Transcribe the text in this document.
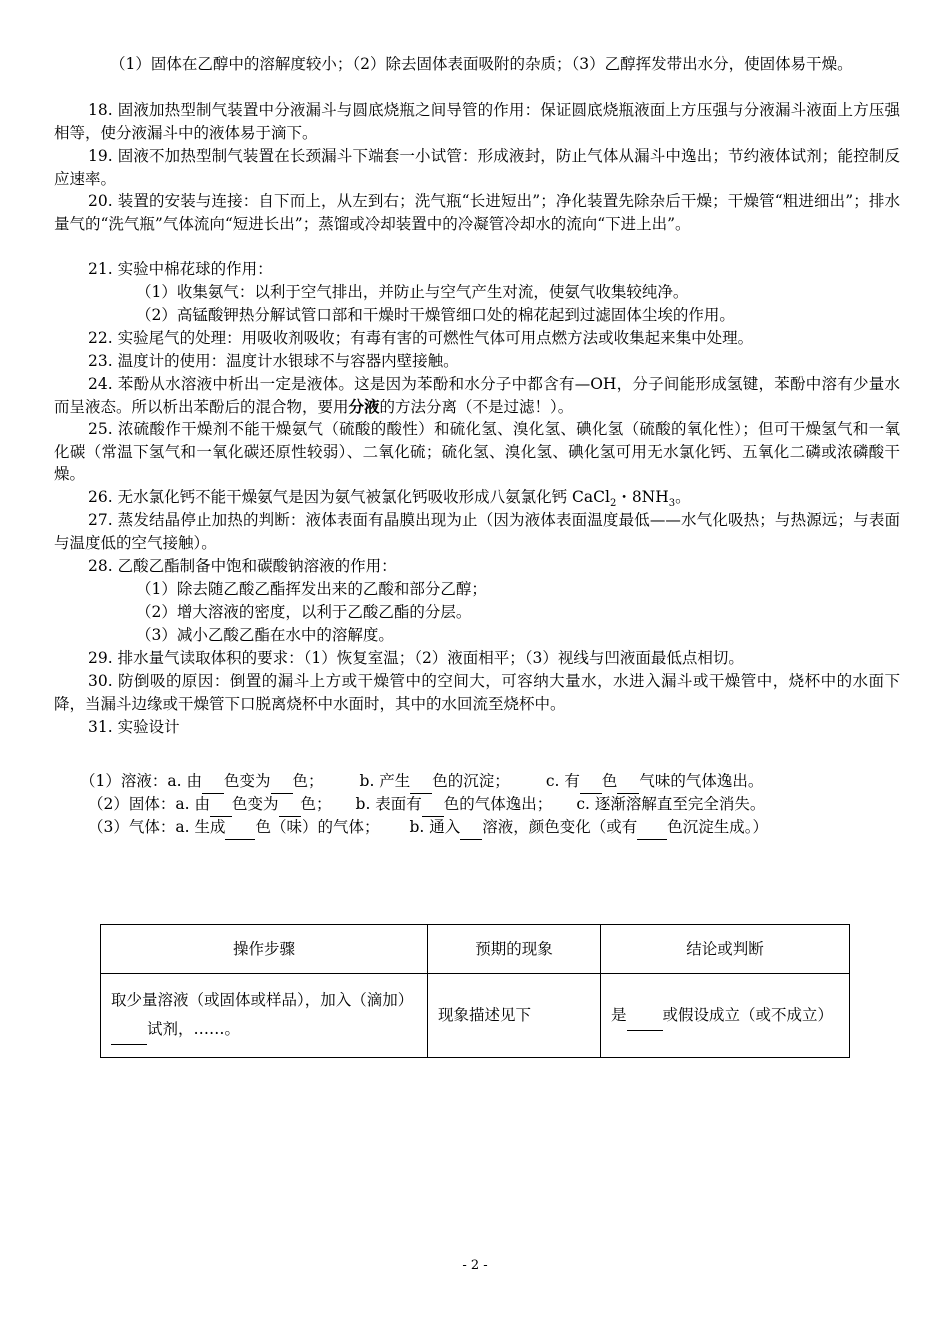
（1）固体在乙醇中的溶解度较小；（2）除去固体表面吸附的杂质；（3）乙醇挥发带出水分，使固体易干燥。
18. 固液加热型制气装置中分液漏斗与圆底烧瓶之间导管的作用：保证圆底烧瓶液面上方压强与分液漏斗液面上方压强相等，使分液漏斗中的液体易于滴下。
19. 固液不加热型制气装置在长颈漏斗下端套一小试管：形成液封，防止气体从漏斗中逸出；节约液体试剂；能控制反应速率。
20. 装置的安装与连接：自下而上，从左到右；洗气瓶“长进短出”；净化装置先除杂后干燥；干燥管“粗进细出”；排水量气的“洗气瓶”气体流向“短进长出”；蒸馏或冷却装置中的冷凝管冷却水的流向“下进上出”。
21. 实验中棉花球的作用：
（1）收集氨气：以利于空气排出，并防止与空气产生对流，使氨气收集较纯净。
（2）高锰酸钾热分解试管口部和干燥时干燥管细口处的棉花起到过滤固体尘埃的作用。
22. 实验尾气的处理：用吸收剂吸收；有毒有害的可燃性气体可用点燃方法或收集起来集中处理。
23. 温度计的使用：温度计水银球不与容器内壁接触。
24. 苯酚从水溶液中析出一定是液体。这是因为苯酚和水分子中都含有—OH，分子间能形成氢键，苯酚中溶有少量水而呈液态。所以析出苯酚后的混合物，要用分液的方法分离（不是过滤！）。
25. 浓硫酸作干燥剂不能干燥氨气（硫酸的酸性）和硫化氢、溴化氢、碘化氢（硫酸的氧化性）；但可干燥氢气和一氧化碳（常温下氢气和一氧化碳还原性较弱）、二氧化硫；硫化氢、溴化氢、碘化氢可用无水氯化钙、五氧化二磷或浓磷酸干燥。
26. 无水氯化钙不能干燥氨气是因为氨气被氯化钙吸收形成八氨氯化钙 CaCl$_2$・$8NH_3$。
27. 蒸发结晶停止加热的判断：液体表面有晶膜出现为止（因为液体表面温度最低——水气化吸热；与热源远；与表面与温度低的空气接触）。
28. 乙酸乙酯制备中饱和碳酸钠溶液的作用：
（1）除去随乙酸乙酯挥发出来的乙酸和部分乙醇；
（2）增大溶液的密度，以利于乙酸乙酯的分层。
（3）减小乙酸乙酯在水中的溶解度。
29. 排水量气读取体积的要求：（1）恢复室温；（2）液面相平；（3）视线与凹液面最低点相切。
30. 防倒吸的原因：倒置的漏斗上方或干燥管中的空间大，可容纳大量水，水进入漏斗或干燥管中，烧杯中的水面下降，当漏斗边缘或干燥管下口脱离烧杯中水面时，其中的水回流至烧杯中。
31. 实验设计
（1）溶液：a. 由 色变为 色； b. 产生 色的沉淀； c. 有 色 气味的气体逸出。
（2）固体：a. 由 色变为 色； b. 表面有 色的气体逸出； c. 逐渐溶解直至完全消失。
（3）气体：a. 生成 色（味）的气体； b. 通入 溶液，颜色变化（或有 色沉淀生成。）
操作步骤	预期的现象	结论或判断
取少量溶液（或固体或样品），加入（滴加） 试剂，……。	现象描述见下	是 或假设成立（或不成立）
- 2 -
